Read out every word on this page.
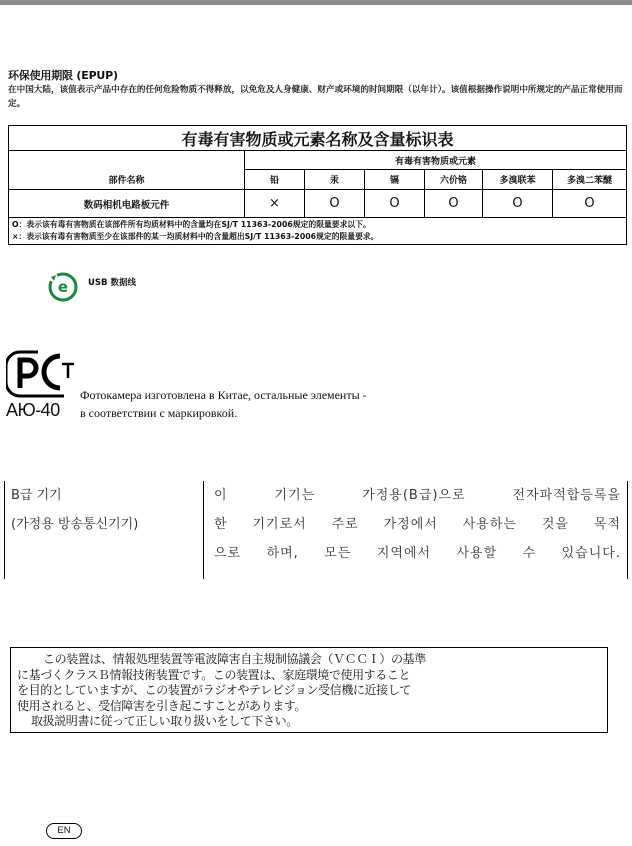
环保使用期限 (EPUP)
在中国大陆，该值表示产品中存在的任何危险物质不得释放，以免危及人身健康、财产或环境的时间期限（以年计）。该值根据操作说明中所规定的产品正常使用而定。
有毒有害物质或元素名称及含量标识表						
部件名称	有毒有害物质或元素					
	铅	汞	镉	六价铬	多溴联苯	多溴二苯醚
数码相机电路板元件	×	O	O	O	O	O

O：表示该有毒有害物质在该部件所有均质材料中的含量均在SJ/T 11363-2006规定的限量要求以下。
×：表示该有毒有害物质至少在该部件的某一均质材料中的含量超出SJ/T 11363-2006规定的限量要求。						
e USB 数据线
АЮ-40
Фотокамера изготовлена в Китае, остальные элементы -
в соответствии с маркировкой.
B급 기기
(가정용 방송통신기기)

이 기기는 가정용(B급)으로 전자파적합등록을
한 기기로서 주로 가정에서 사용하는 것을 목적
으로 하며, 모든 지역에서 사용할 수 있습니다.
この装置は、情報処理装置等電波障害自主規制協議会（ＶＣＣＩ）の基準
に基づくクラスＢ情報技術装置です。この装置は、家庭環境で使用すること
を目的としていますが、この装置がラジオやテレビジョン受信機に近接して
使用されると、受信障害を引き起こすことがあります。
取扱説明書に従って正しい取り扱いをして下さい。
EN
